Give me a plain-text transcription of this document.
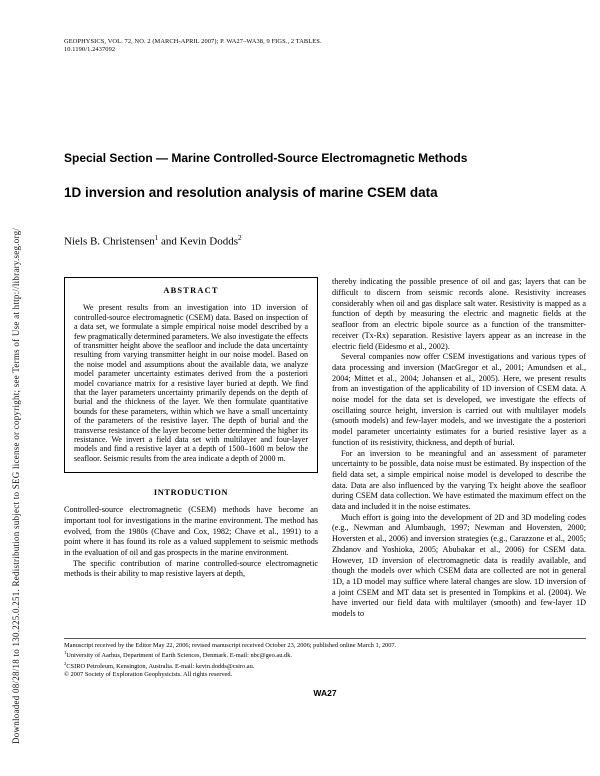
Downloaded 08/28/18 to 130.225.0.251. Redistribution subject to SEG license or copyright; see Terms of Use at http://library.seg.org/
GEOPHYSICS, VOL. 72, NO. 2 (MARCH-APRIL 2007); P. WA27–WA38, 9 FIGS., 2 TABLES.
10.1190/1.2437092
Special Section — Marine Controlled-Source Electromagnetic Methods
1D inversion and resolution analysis of marine CSEM data
Niels B. Christensen$^1$ and Kevin Dodds$^2$
ABSTRACT

We present results from an investigation into 1D inversion of controlled-source electromagnetic (CSEM) data. Based on inspection of a data set, we formulate a simple empirical noise model described by a few pragmatically determined parameters. We also investigate the effects of transmitter height above the seafloor and include the data uncertainty resulting from varying transmitter height in our noise model. Based on the noise model and assumptions about the available data, we analyze model parameter uncertainty estimates derived from the a posteriori model covariance matrix for a resistive layer buried at depth. We find that the layer parameters uncertainty primarily depends on the depth of burial and the thickness of the layer. We then formulate quantitative bounds for these parameters, within which we have a small uncertainty of the parameters of the resistive layer. The depth of burial and the transverse resistance of the layer become better determined the higher its resistance. We invert a field data set with multilayer and four-layer models and find a resistive layer at a depth of 1500–1600 m below the seafloor. Seismic results from the area indicate a depth of 2000 m.

INTRODUCTION

Controlled-source electromagnetic (CSEM) methods have become an important tool for investigations in the marine environment. The method has evolved, from the 1980s (Chave and Cox, 1982; Chave et al., 1991) to a point where it has found its role as a valued supplement to seismic methods in the evaluation of oil and gas prospects in the marine environment.

The specific contribution of marine controlled-source electromagnetic methods is their ability to map resistive layers at depth,

thereby indicating the possible presence of oil and gas; layers that can be difficult to discern from seismic records alone. Resistivity increases considerably when oil and gas displace salt water. Resistivity is mapped as a function of depth by measuring the electric and magnetic fields at the seafloor from an electric bipole source as a function of the transmitter-receiver (Tx-Rx) separation. Resistive layers appear as an increase in the electric field (Eidesmo et al., 2002).

Several companies now offer CSEM investigations and various types of data processing and inversion (MacGregor et al., 2001; Amundsen et al., 2004; Mittet et al., 2004; Johansen et al., 2005). Here, we present results from an investigation of the applicability of 1D inversion of CSEM data. A noise model for the data set is developed, we investigate the effects of oscillating source height, inversion is carried out with multilayer models (smooth models) and few-layer models, and we investigate the a posteriori model parameter uncertainty estimates for a buried resistive layer as a function of its resistivity, thickness, and depth of burial.

For an inversion to be meaningful and an assessment of parameter uncertainty to be possible, data noise must be estimated. By inspection of the field data set, a simple empirical noise model is developed to describe the data. Data are also influenced by the varying Tx height above the seafloor during CSEM data collection. We have estimated the maximum effect on the data and included it in the noise estimates.

Much effort is going into the development of 2D and 3D modeling codes (e.g., Newman and Alumbaugh, 1997; Newman and Hoversten, 2000; Hoversten et al., 2006) and inversion strategies (e.g., Carazzone et al., 2005; Zhdanov and Yoshioka, 2005; Abubakar et al., 2006) for CSEM data. However, 1D inversion of electromagnetic data is readily available, and though the models over which CSEM data are collected are not in general 1D, a 1D model may suffice where lateral changes are slow. 1D inversion of a joint CSEM and MT data set is presented in Tompkins et al. (2004). We have inverted our field data with multilayer (smooth) and few-layer 1D models to

Manuscript received by the Editor May 22, 2006; revised manuscript received October 23, 2006; published online March 1, 2007.
$^1$University of Aarhus, Department of Earth Sciences, Denmark. E-mail: nbc@geo.au.dk.
$^2$CSIRO Petroleum, Kensington, Australia. E-mail: kevin.dodds@csiro.au.
© 2007 Society of Exploration Geophysicists. All rights reserved.
WA27
